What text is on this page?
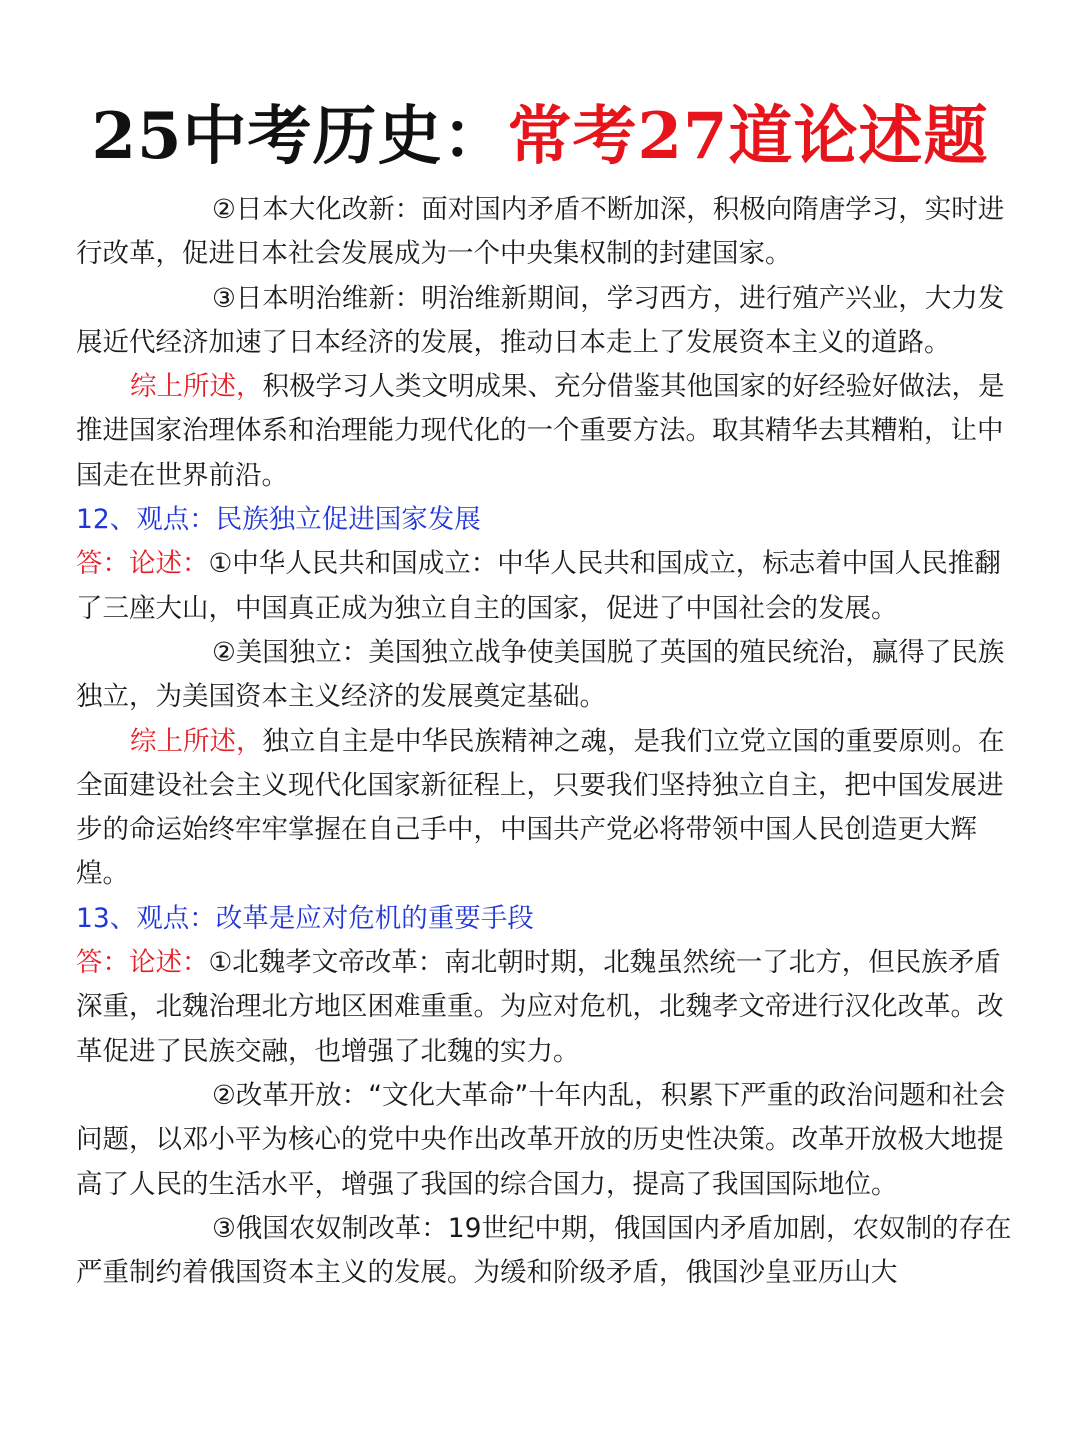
25中考历史：常考27道论述题

②日本大化改新：面对国内矛盾不断加深，积极向隋唐学习，实时进行改革，促进日本社会发展成为一个中央集权制的封建国家。

③日本明治维新：明治维新期间，学习西方，进行殖产兴业，大力发展近代经济加速了日本经济的发展，推动日本走上了发展资本主义的道路。

综上所述，积极学习人类文明成果、充分借鉴其他国家的好经验好做法，是推进国家治理体系和治理能力现代化的一个重要方法。取其精华去其糟粕，让中国走在世界前沿。

12、观点：民族独立促进国家发展

答：论述：①中华人民共和国成立：中华人民共和国成立，标志着中国人民推翻了三座大山，中国真正成为独立自主的国家，促进了中国社会的发展。

②美国独立：美国独立战争使美国脱了英国的殖民统治，赢得了民族独立，为美国资本主义经济的发展奠定基础。

综上所述，独立自主是中华民族精神之魂，是我们立党立国的重要原则。在全面建设社会主义现代化国家新征程上，只要我们坚持独立自主，把中国发展进步的命运始终牢牢掌握在自己手中，中国共产党必将带领中国人民创造更大辉煌。

13、观点：改革是应对危机的重要手段

答：论述：①北魏孝文帝改革：南北朝时期，北魏虽然统一了北方，但民族矛盾深重，北魏治理北方地区困难重重。为应对危机，北魏孝文帝进行汉化改革。改革促进了民族交融，也增强了北魏的实力。

②改革开放：“文化大革命”十年内乱，积累下严重的政治问题和社会问题，以邓小平为核心的党中央作出改革开放的历史性决策。改革开放极大地提高了人民的生活水平，增强了我国的综合国力，提高了我国国际地位。

③俄国农奴制改革：19世纪中期，俄国国内矛盾加剧，农奴制的存在严重制约着俄国资本主义的发展。为缓和阶级矛盾，俄国沙皇亚历山大
